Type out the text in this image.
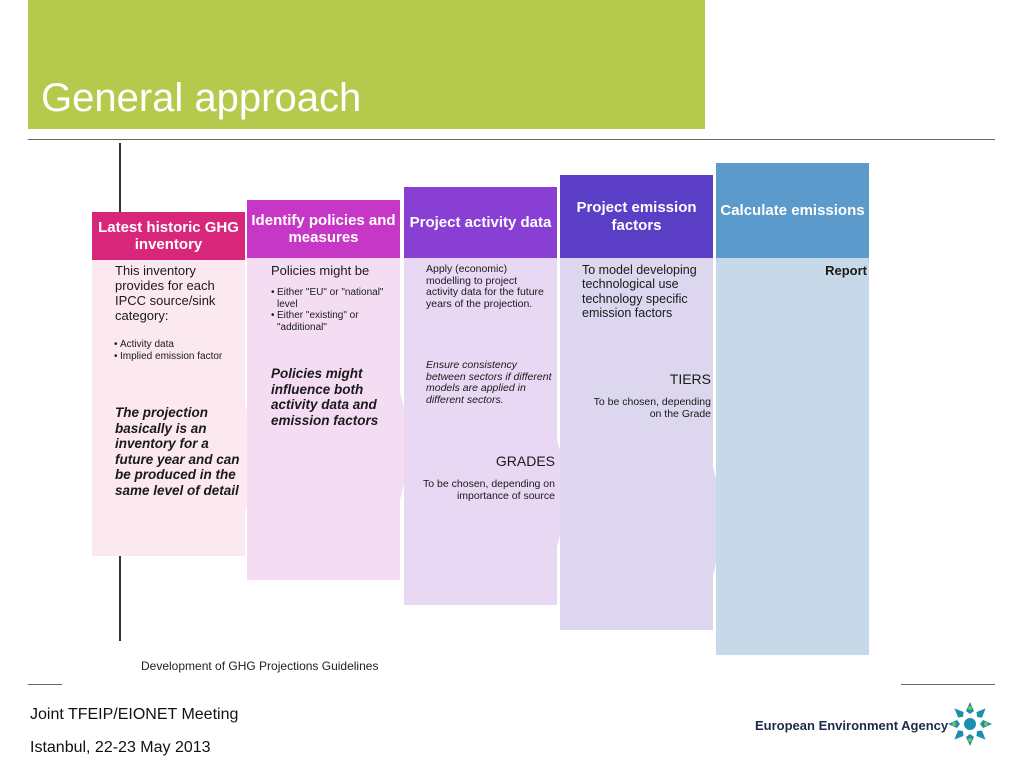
General approach
Latest historic GHG inventory
This inventory provides for each IPCC source/sink category:
• Activity data
• Implied emission factor
The projection basically is an inventory for a future year and can be produced in the same level of detail
Identify policies and measures
Policies might be
• Either "EU" or "national" level
• Either "existing" or "additional"
Policies might influence both activity data and emission factors
Project activity data
Apply (economic) modelling to project activity data for the future years of the projection.
Ensure consistency between sectors if different models are applied in different sectors.
GRADES
To be chosen, depending on importance of source
Project emission factors
To model developing technological use technology specific emission factors
TIERS
To be chosen, depending on the Grade
Calculate emissions
Report
Development of GHG Projections Guidelines
Joint TFEIP/EIONET Meeting
Istanbul, 22-23 May 2013
European Environment Agency
